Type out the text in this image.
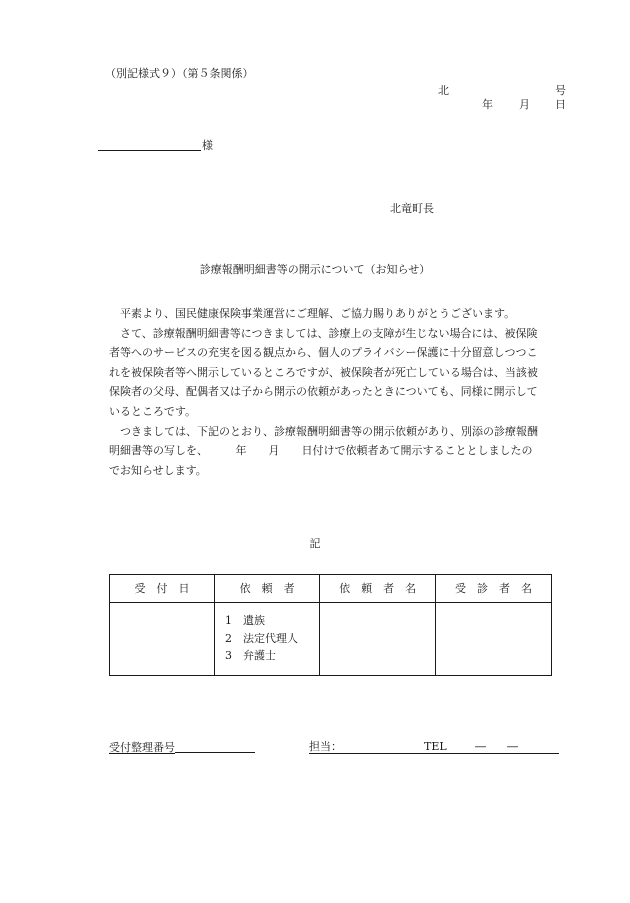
（別記様式９）（第５条関係）
北	号
年 月 日
様
北竜町長
診療報酬明細書等の開示について（お知らせ）

平素より、国民健康保険事業運営にご理解、ご協力賜りありがとうございます。

さて、診療報酬明細書等につきましては、診療上の支障が生じない場合には、被保険
者等へのサービスの充実を図る観点から、個人のプライバシー保護に十分留意しつつこ
れを被保険者等へ開示しているところですが、被保険者が死亡している場合は、当該被
保険者の父母、配偶者又は子から開示の依頼があったときについても、同様に開示して
いるところです。

つきましては、下記のとおり、診療報酬明細書等の開示依頼があり、別添の診療報酬
明細書等の写しを、　　　年　　月　　日付けで依頼者あて開示することとしましたの
でお知らせします。

記
受　付　日	依　頼　者	依　頼　者　名	受　診　者　名

	1 遺族
2 法定代理人
3 弁護士		

受付整理番号	担当：	TEL	― ―
